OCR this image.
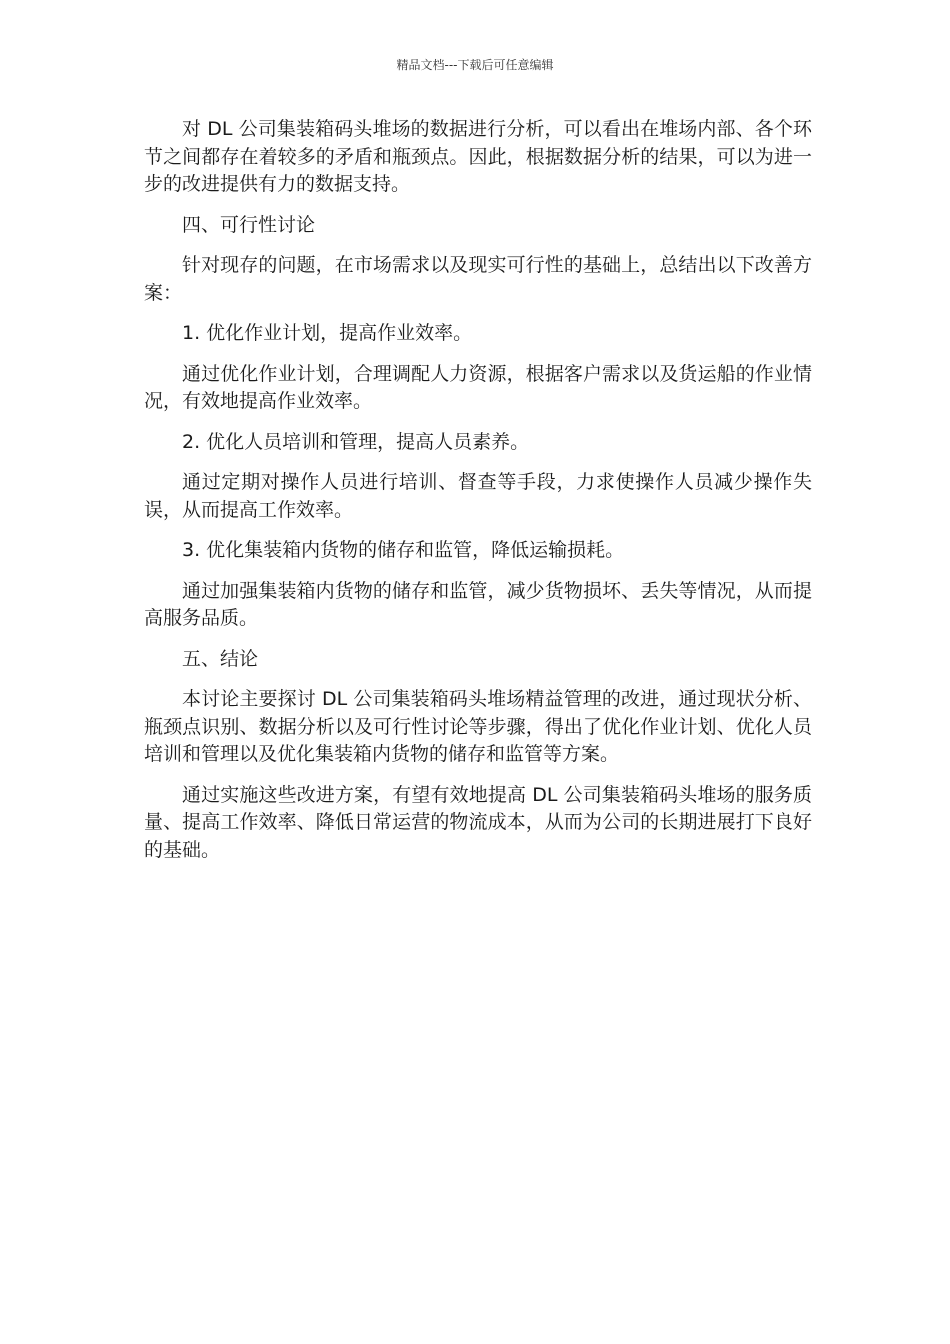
精品文档---下载后可任意编辑

对 DL 公司集装箱码头堆场的数据进行分析，可以看出在堆场内部、各个环节之间都存在着较多的矛盾和瓶颈点。因此，根据数据分析的结果，可以为进一步的改进提供有力的数据支持。

四、可行性讨论

针对现存的问题，在市场需求以及现实可行性的基础上，总结出以下改善方案：

1. 优化作业计划，提高作业效率。

通过优化作业计划，合理调配人力资源，根据客户需求以及货运船的作业情况，有效地提高作业效率。

2. 优化人员培训和管理，提高人员素养。

通过定期对操作人员进行培训、督查等手段，力求使操作人员减少操作失误，从而提高工作效率。

3. 优化集装箱内货物的储存和监管，降低运输损耗。

通过加强集装箱内货物的储存和监管，减少货物损坏、丢失等情况，从而提高服务品质。

五、结论

本讨论主要探讨 DL 公司集装箱码头堆场精益管理的改进，通过现状分析、瓶颈点识别、数据分析以及可行性讨论等步骤，得出了优化作业计划、优化人员培训和管理以及优化集装箱内货物的储存和监管等方案。

通过实施这些改进方案，有望有效地提高 DL 公司集装箱码头堆场的服务质量、提高工作效率、降低日常运营的物流成本，从而为公司的长期进展打下良好的基础。
